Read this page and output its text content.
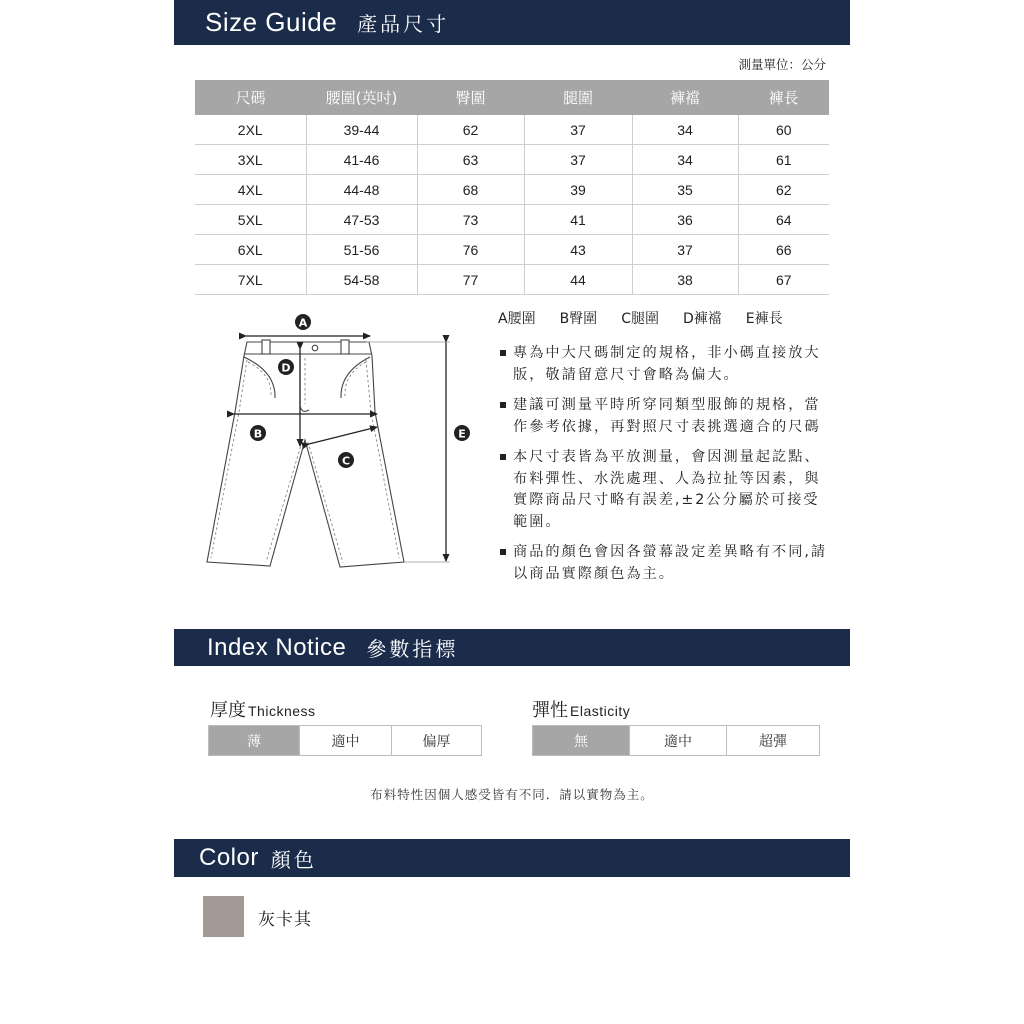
Size Guide 產品尺寸
測量單位：公分
尺碼	腰圍(英吋)	臀圍	腿圍	褲襠	褲長
2XL	39-44	62	37	34	60
3XL	41-46	63	37	34	61
4XL	44-48	68	39	35	62
5XL	47-53	73	41	36	64
6XL	51-56	76	43	37	66
7XL	54-58	77	44	38	67
A
B
C
D
E
A腰圍 B臀圍 C腿圍 D褲襠 E褲長
專為中大尺碼制定的規格，非小碼直接放大版，敬請留意尺寸會略為偏大。
建議可測量平時所穿同類型服飾的規格，當作參考依據，再對照尺寸表挑選適合的尺碼
本尺寸表皆為平放測量，會因測量起訖點、布料彈性、水洗處理、人為拉扯等因素，與實際商品尺寸略有誤差,±2公分屬於可接受範圍。
商品的顏色會因各螢幕設定差異略有不同,請以商品實際顏色為主。
Index Notice 參數指標
厚度 Thickness
薄	適中	偏厚
彈性 Elasticity
無	適中	超彈
布料特性因個人感受皆有不同．請以實物為主。
Color 顏色
灰卡其
